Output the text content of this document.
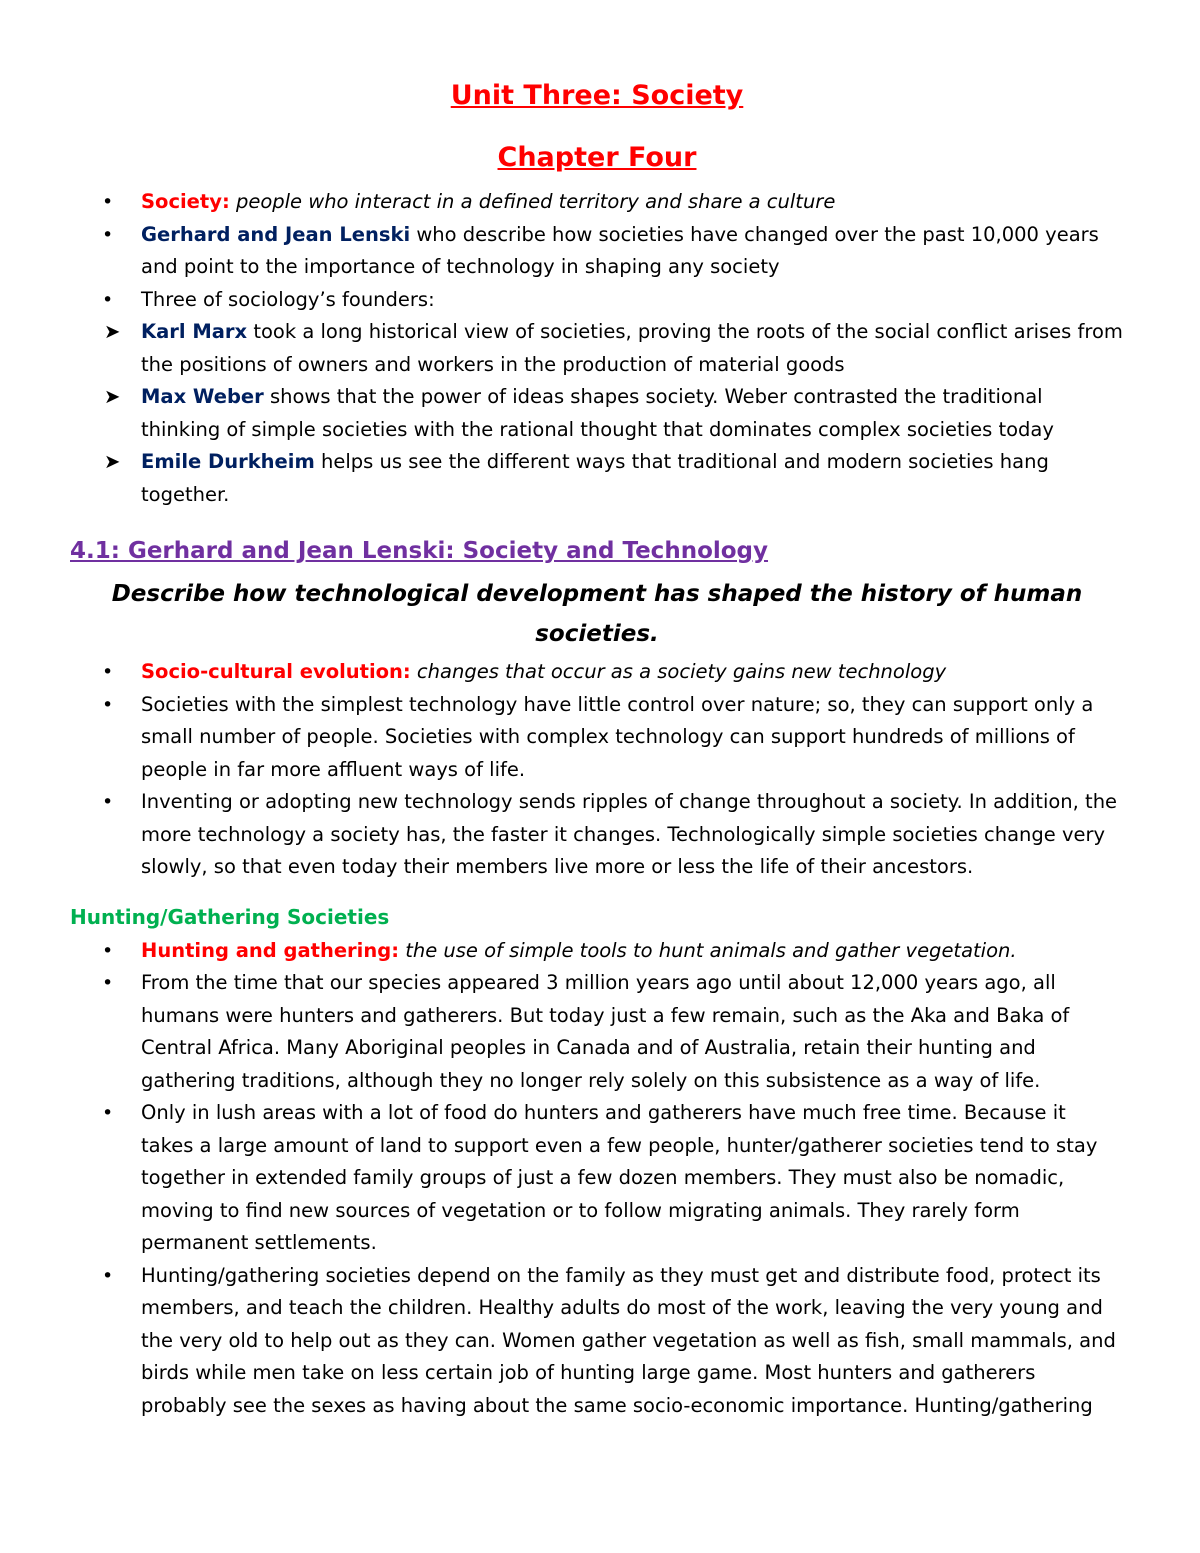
Unit Three: Society
Chapter Four
• Society: people who interact in a defined territory and share a culture
• Gerhard and Jean Lenski who describe how societies have changed over the past 10,000 years and point to the importance of technology in shaping any society
• Three of sociology’s founders:
➤ Karl Marx took a long historical view of societies, proving the roots of the social conflict arises from the positions of owners and workers in the production of material goods
➤ Max Weber shows that the power of ideas shapes society. Weber contrasted the traditional thinking of simple societies with the rational thought that dominates complex societies today
➤ Emile Durkheim helps us see the different ways that traditional and modern societies hang together.
4.1: Gerhard and Jean Lenski: Society and Technology

Describe how technological development has shaped the history of human societies.

• Socio-cultural evolution: changes that occur as a society gains new technology
• Societies with the simplest technology have little control over nature; so, they can support only a small number of people. Societies with complex technology can support hundreds of millions of people in far more affluent ways of life.
• Inventing or adopting new technology sends ripples of change throughout a society. In addition, the more technology a society has, the faster it changes. Technologically simple societies change very slowly, so that even today their members live more or less the life of their ancestors.
Hunting/Gathering Societies
• Hunting and gathering: the use of simple tools to hunt animals and gather vegetation.
• From the time that our species appeared 3 million years ago until about 12,000 years ago, all humans were hunters and gatherers. But today just a few remain, such as the Aka and Baka of Central Africa. Many Aboriginal peoples in Canada and of Australia, retain their hunting and gathering traditions, although they no longer rely solely on this subsistence as a way of life.
• Only in lush areas with a lot of food do hunters and gatherers have much free time. Because it takes a large amount of land to support even a few people, hunter/gatherer societies tend to stay together in extended family groups of just a few dozen members. They must also be nomadic, moving to find new sources of vegetation or to follow migrating animals. They rarely form permanent settlements.
• Hunting/gathering societies depend on the family as they must get and distribute food, protect its members, and teach the children. Healthy adults do most of the work, leaving the very young and the very old to help out as they can. Women gather vegetation as well as fish, small mammals, and birds while men take on less certain job of hunting large game. Most hunters and gatherers probably see the sexes as having about the same socio-economic importance. Hunting/gathering
